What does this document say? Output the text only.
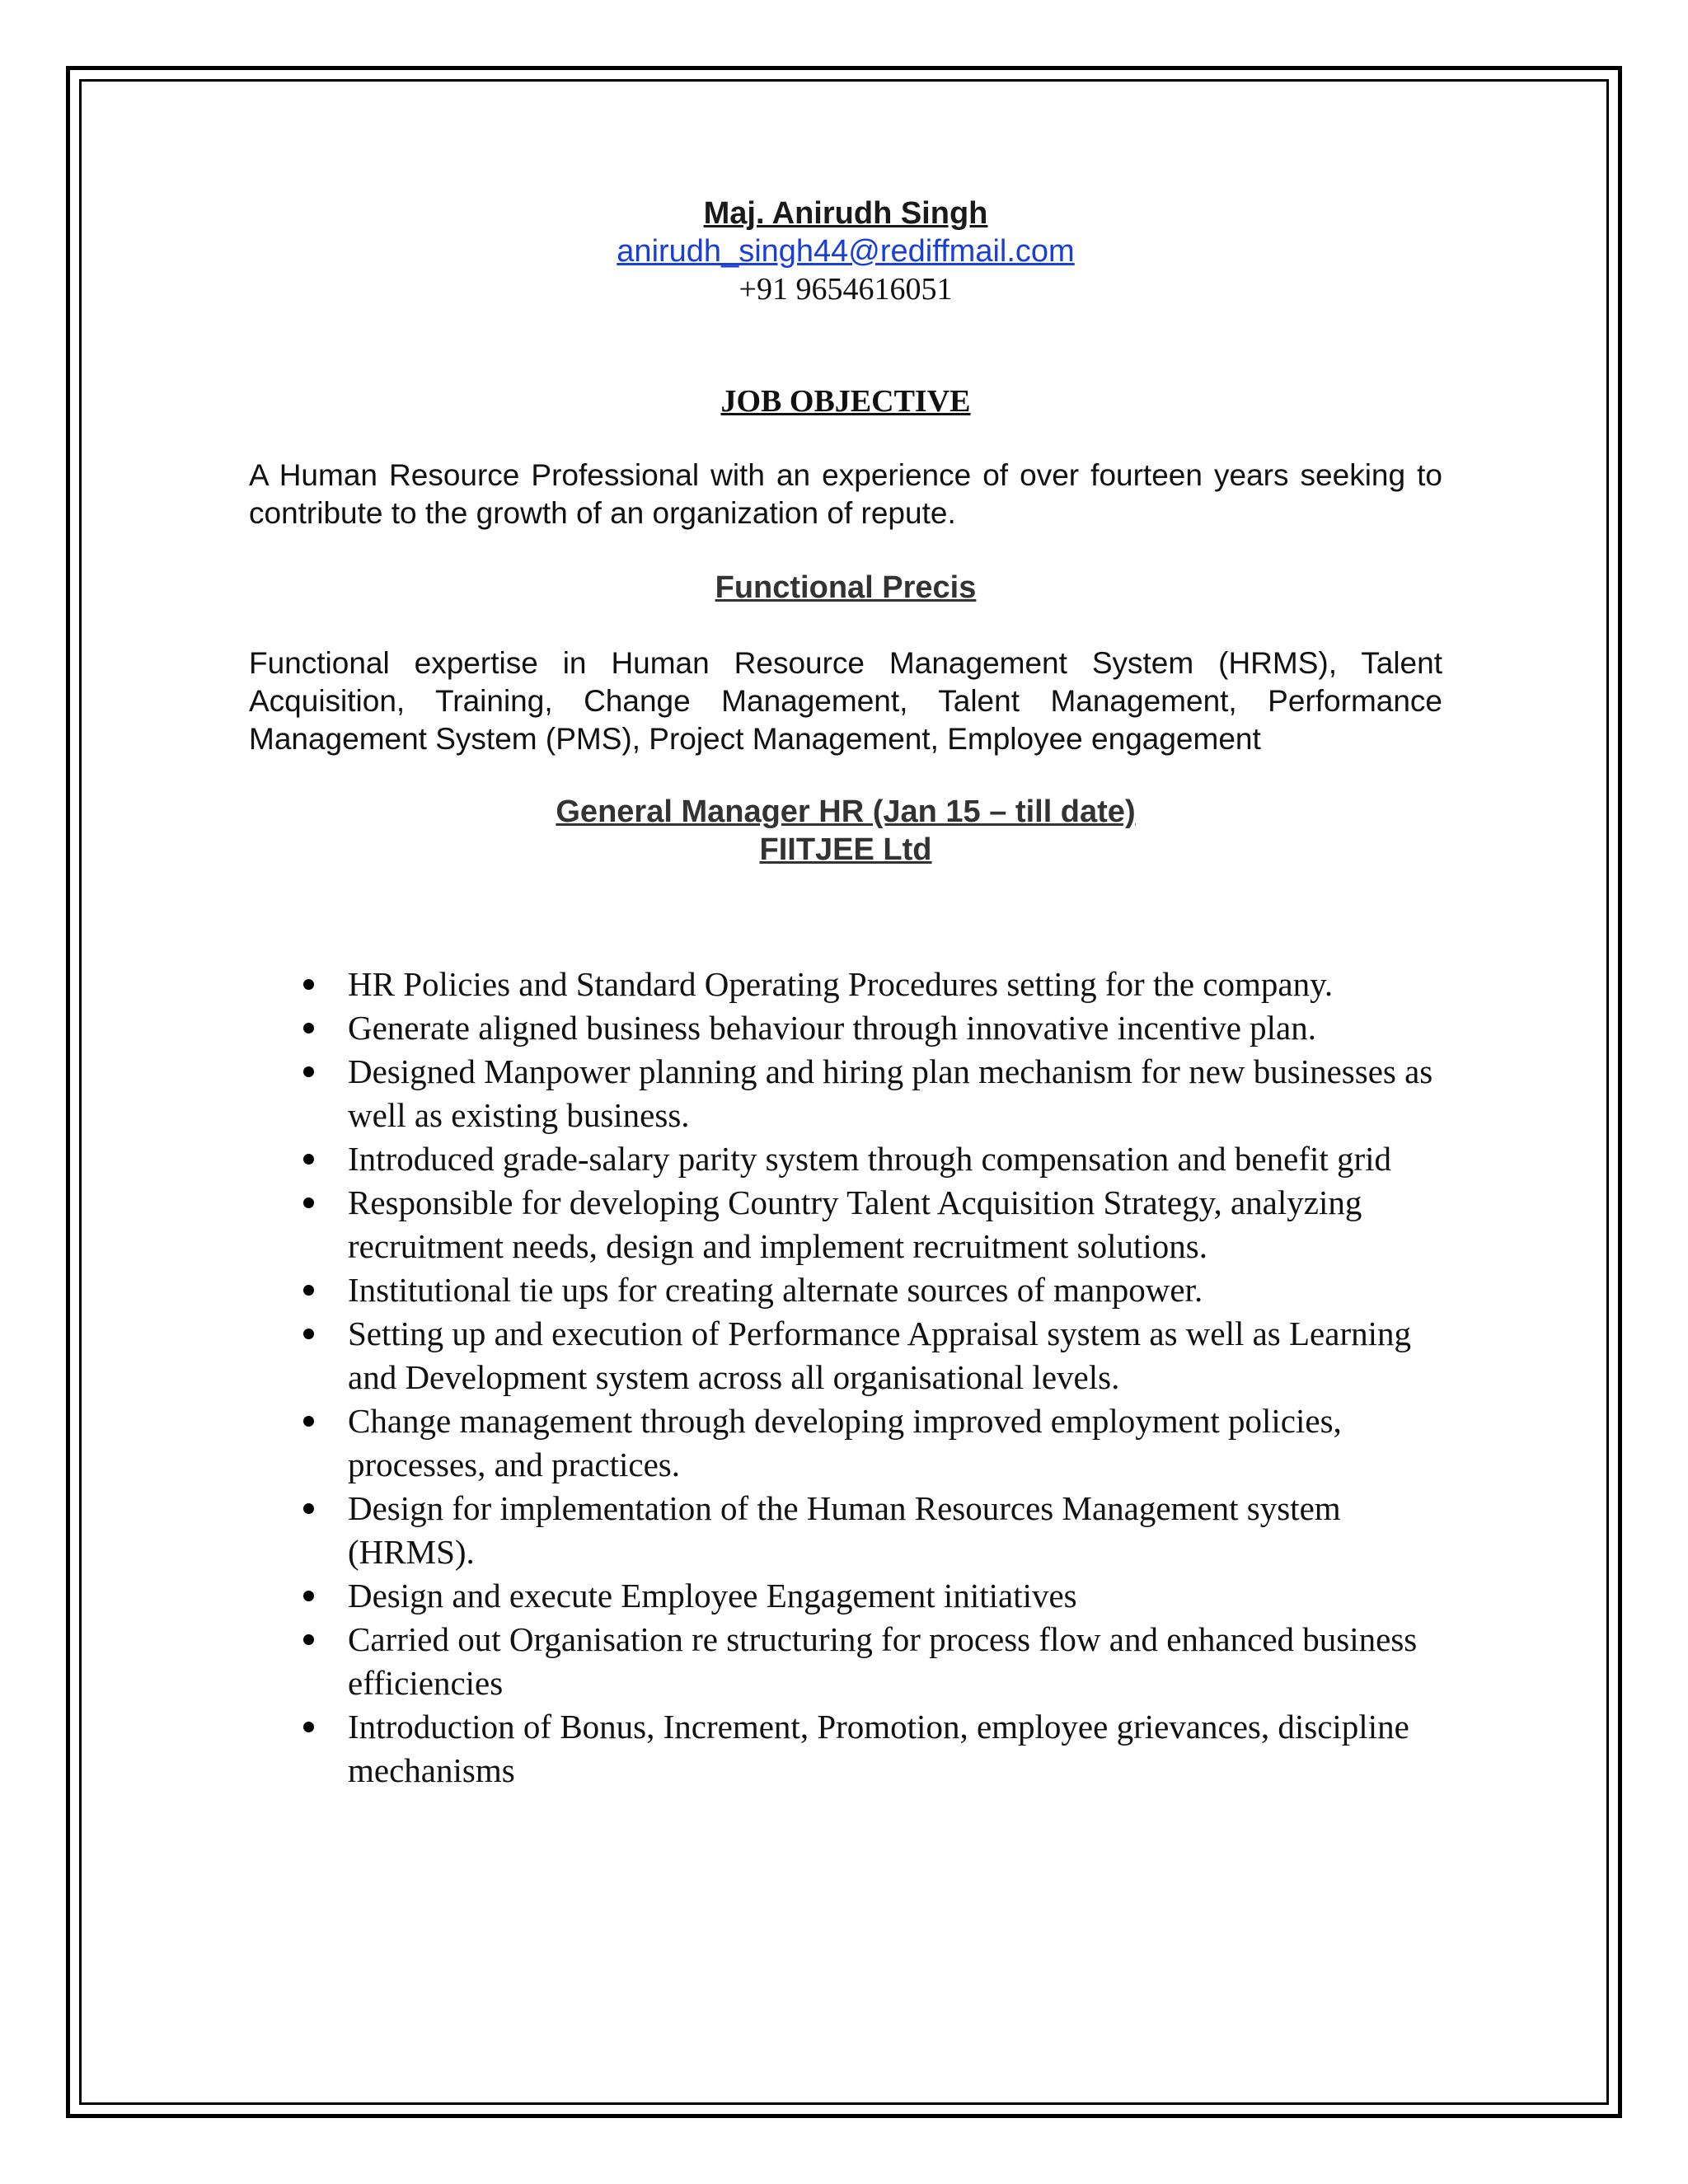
Maj. Anirudh Singh
anirudh_singh44@rediffmail.com
+91 9654616051
JOB OBJECTIVE

A Human Resource Professional with an experience of over fourteen years seeking to contribute to the growth of an organization of repute.

Functional Precis

Functional expertise in Human Resource Management System (HRMS), Talent Acquisition, Training, Change Management, Talent Management, Performance Management System (PMS), Project Management, Employee engagement

General Manager HR (Jan 15 – till date)
FIITJEE Ltd
HR Policies and Standard Operating Procedures setting for the company.
Generate aligned business behaviour through innovative incentive plan.
Designed Manpower planning and hiring plan mechanism for new businesses as well as existing business.
Introduced grade-salary parity system through compensation and benefit grid
Responsible for developing Country Talent Acquisition Strategy, analyzing recruitment needs, design and implement recruitment solutions.
Institutional tie ups for creating alternate sources of manpower.
Setting up and execution of Performance Appraisal system as well as Learning and Development system across all organisational levels.
Change management through developing improved employment policies, processes, and practices.
Design for implementation of the Human Resources Management system (HRMS).
Design and execute Employee Engagement initiatives
Carried out Organisation re structuring for process flow and enhanced business efficiencies
Introduction of Bonus, Increment, Promotion, employee grievances, discipline mechanisms
